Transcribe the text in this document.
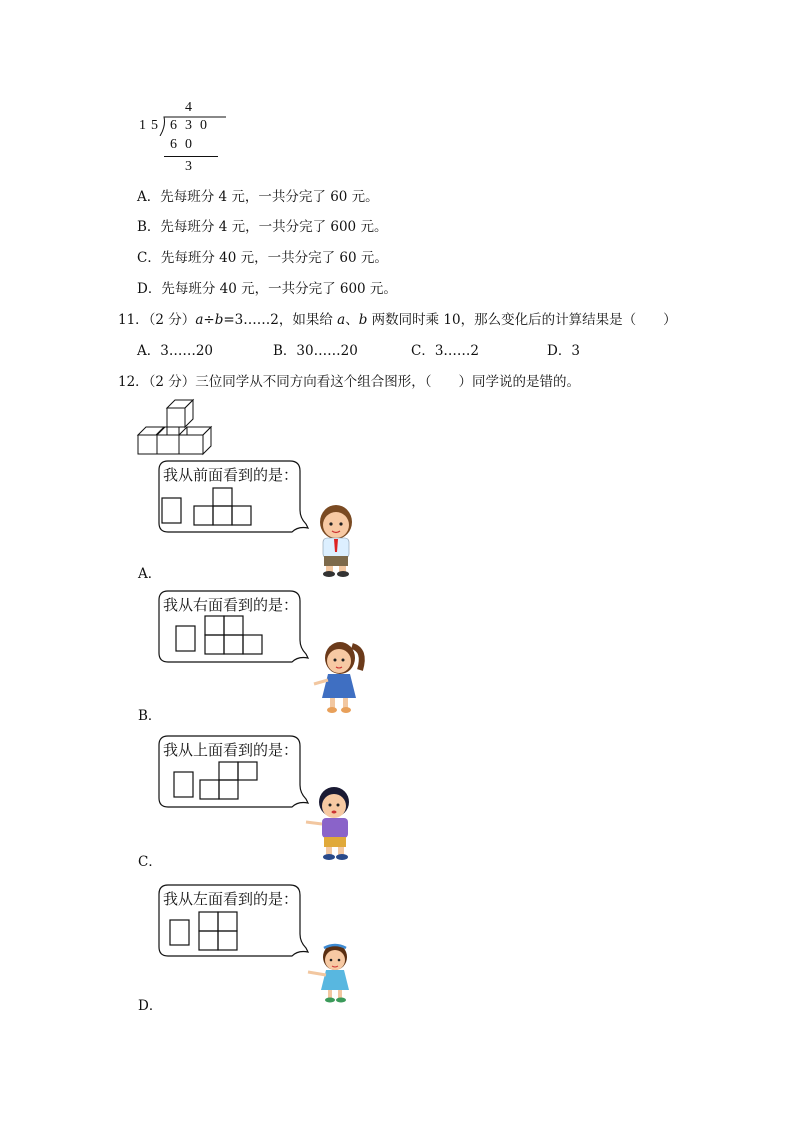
4
1 5 6 3 0
6 0
3
A．先每班分 4 元，一共分完了 60 元。
B．先每班分 4 元，一共分完了 600 元。
C．先每班分 40 元，一共分完了 60 元。
D．先每班分 40 元，一共分完了 600 元。
11．（2 分）a÷b=3……2，如果给 a、b 两数同时乘 10，那么变化后的计算结果是（　　）
A．3……20	B．30……20	C．3……2	D．3
12．（2 分）三位同学从不同方向看这个组合图形，（　　）同学说的是错的。
我从前面看到的是：
A．
我从右面看到的是：
B．
我从上面看到的是：
C．
我从左面看到的是：
D．
